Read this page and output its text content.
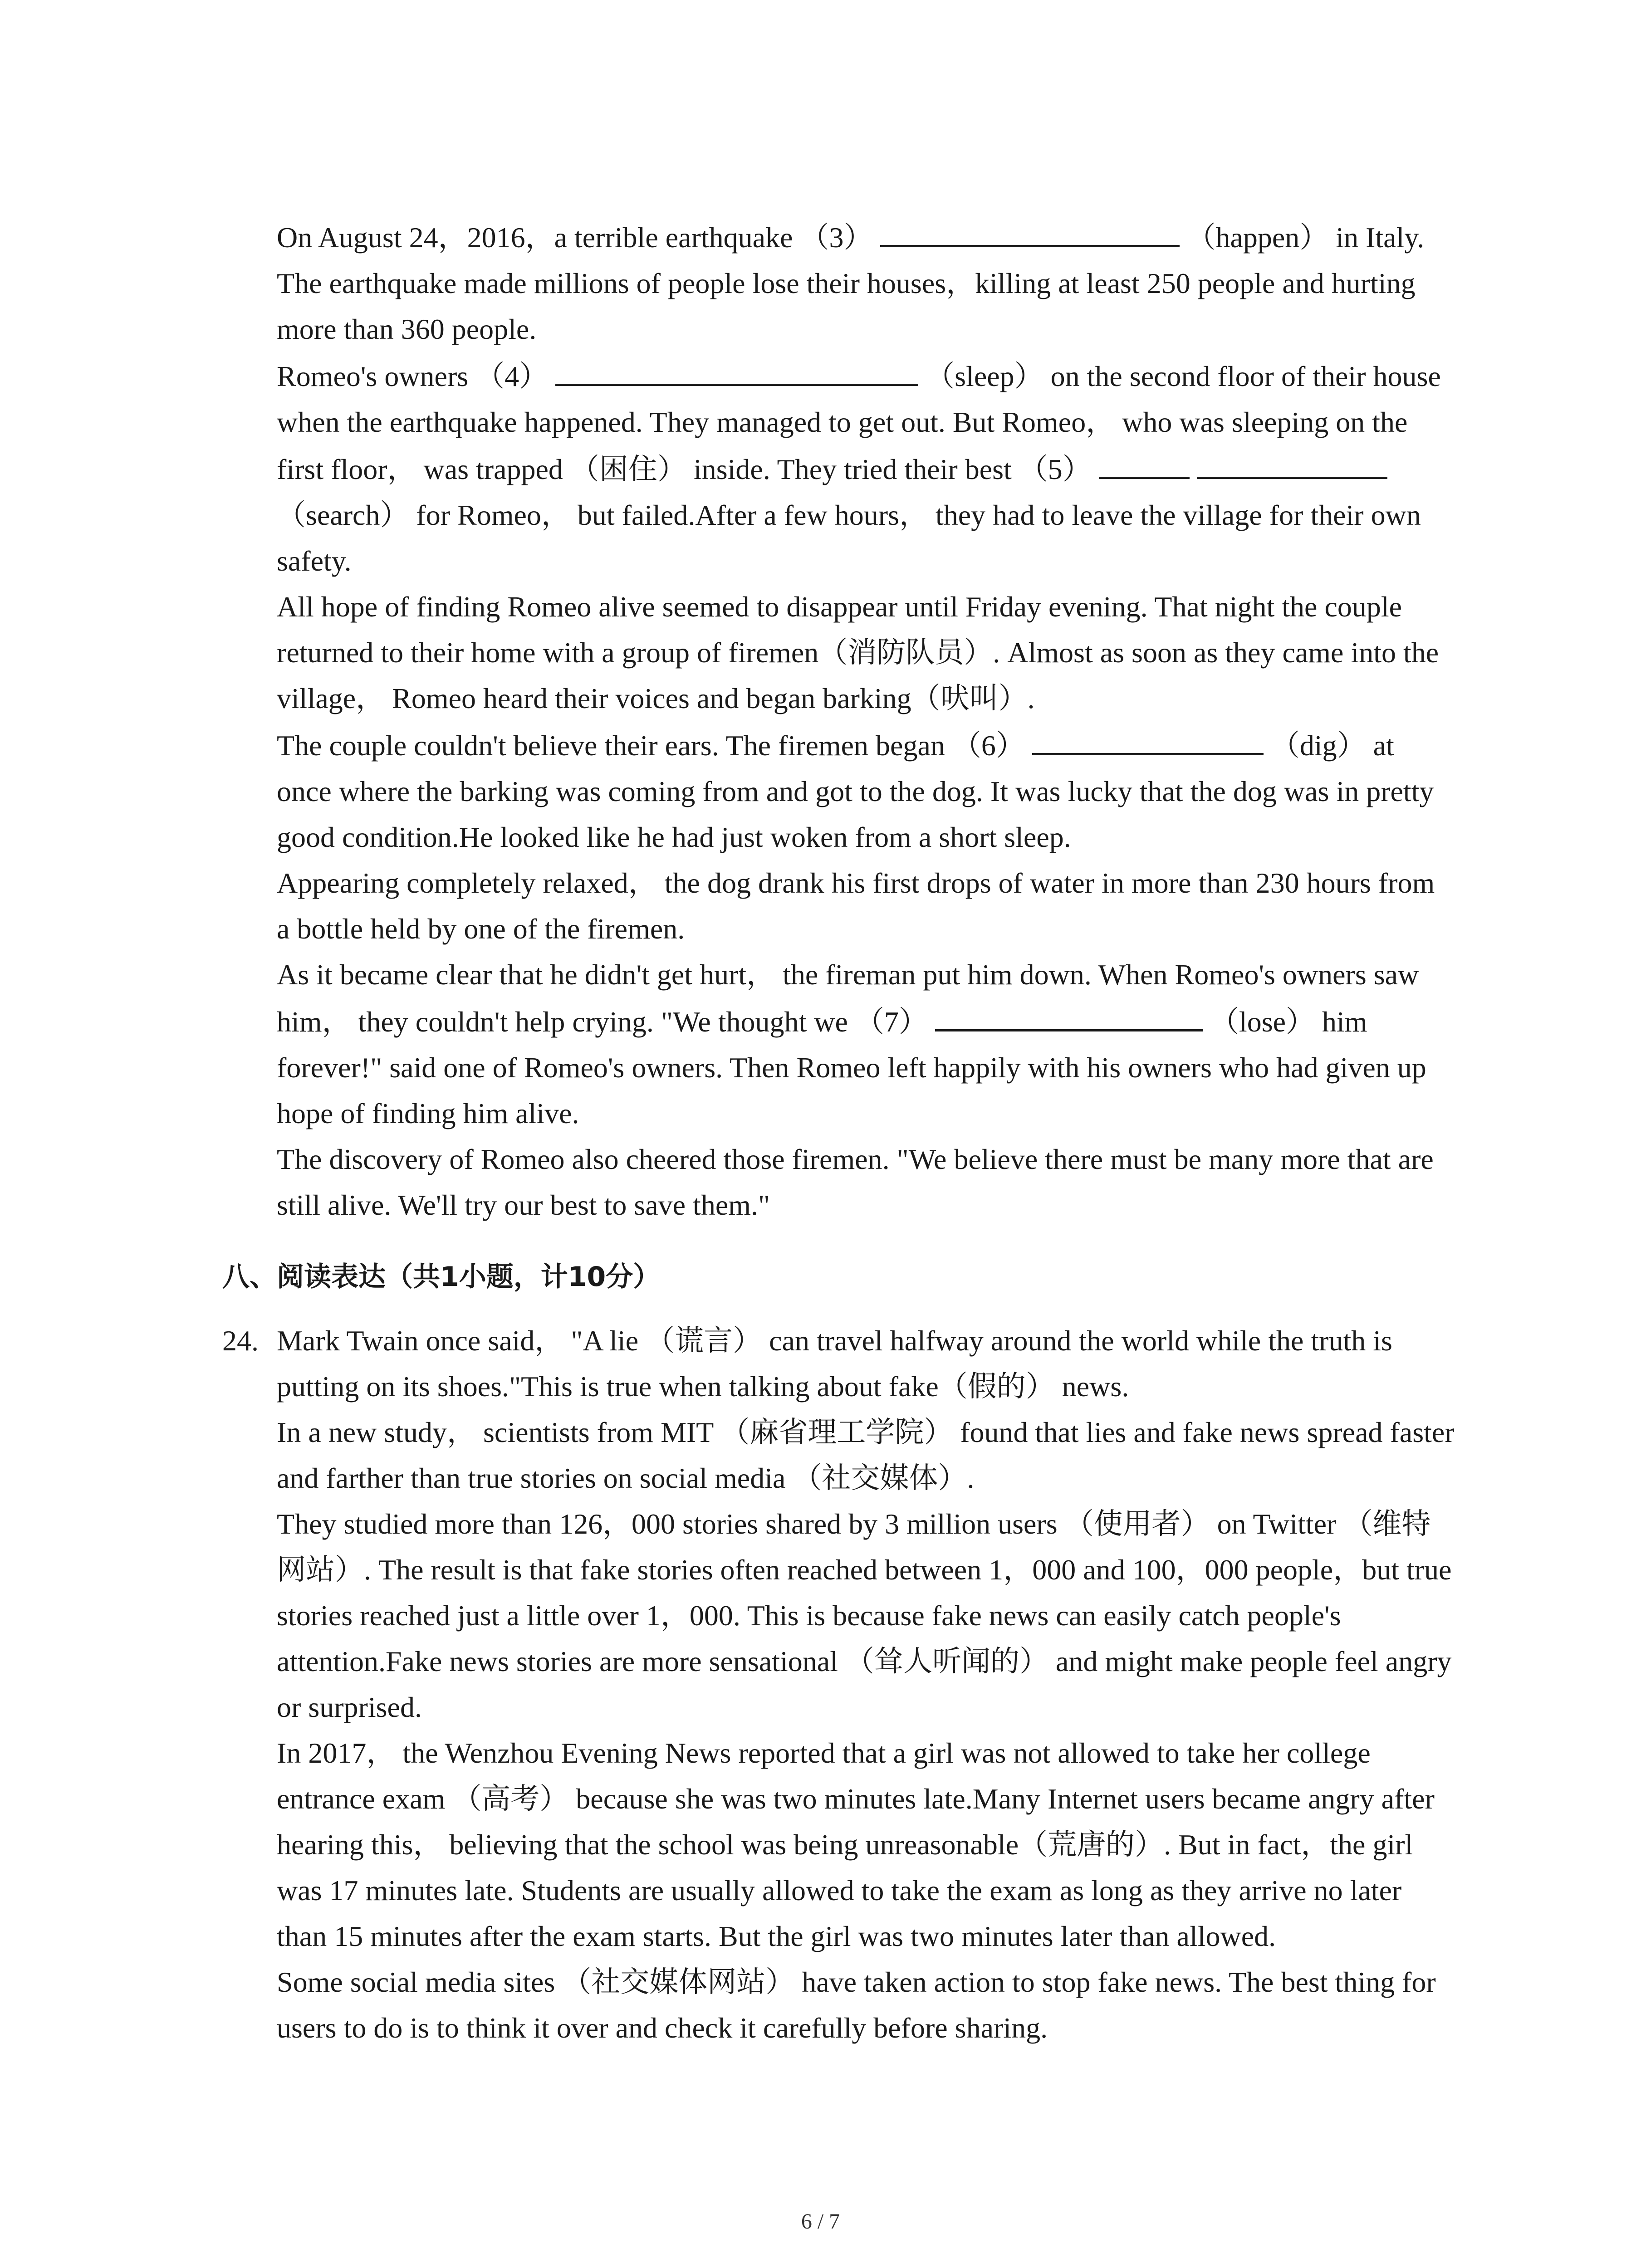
On August 24，2016，a terrible earthquake （3）	（happen） in Italy. The earthquake made millions of people lose their houses，killing at least 250 people and hurting more than 360 people.

Romeo's owners （4）	（sleep） on the second floor of their house when the earthquake happened. They managed to get out. But Romeo， who was sleeping on the first floor， was trapped （困住） inside. They tried their best （5）   （search） for Romeo， but failed.After a few hours， they had to leave the village for their own safety.

All hope of finding Romeo alive seemed to disappear until Friday evening. That night the couple returned to their home with a group of firemen（消防队员）. Almost as soon as they came into the village， Romeo heard their voices and began barking（吠叫）.

The couple couldn't believe their ears. The firemen began （6）	（dig） at once where the barking was coming from and got to the dog. It was lucky that the dog was in pretty good condition.He looked like he had just woken from a short sleep.

Appearing completely relaxed， the dog drank his first drops of water in more than 230 hours from a bottle held by one of the firemen.

As it became clear that he didn't get hurt， the fireman put him down. When Romeo's owners saw him， they couldn't help crying. "We thought we （7）	（lose） him forever!" said one of Romeo's owners. Then Romeo left happily with his owners who had given up hope of finding him alive.

The discovery of Romeo also cheered those firemen. "We believe there must be many more that are still alive. We'll try our best to save them."

八、阅读表达（共1小题，计10分）
24. Mark Twain once said， "A lie （谎言） can travel halfway around the world while the truth is putting on its shoes."This is true when talking about fake（假的） news.

In a new study， scientists from MIT （麻省理工学院） found that lies and fake news spread faster and farther than true stories on social media （社交媒体）.

They studied more than 126，000 stories shared by 3 million users （使用者） on Twitter （维特网站）. The result is that fake stories often reached between 1，000 and 100，000 people，but true stories reached just a little over 1，000. This is because fake news can easily catch people's attention.Fake news stories are more sensational （耸人听闻的） and might make people feel angry or surprised.

In 2017， the Wenzhou Evening News reported that a girl was not allowed to take her college entrance exam （高考） because she was two minutes late.Many Internet users became angry after hearing this， believing that the school was being unreasonable（荒唐的）. But in fact，the girl was 17 minutes late. Students are usually allowed to take the exam as long as they arrive no later than 15 minutes after the exam starts. But the girl was two minutes later than allowed.

Some social media sites （社交媒体网站） have taken action to stop fake news. The best thing for users to do is to think it over and check it carefully before sharing.

6 / 7
